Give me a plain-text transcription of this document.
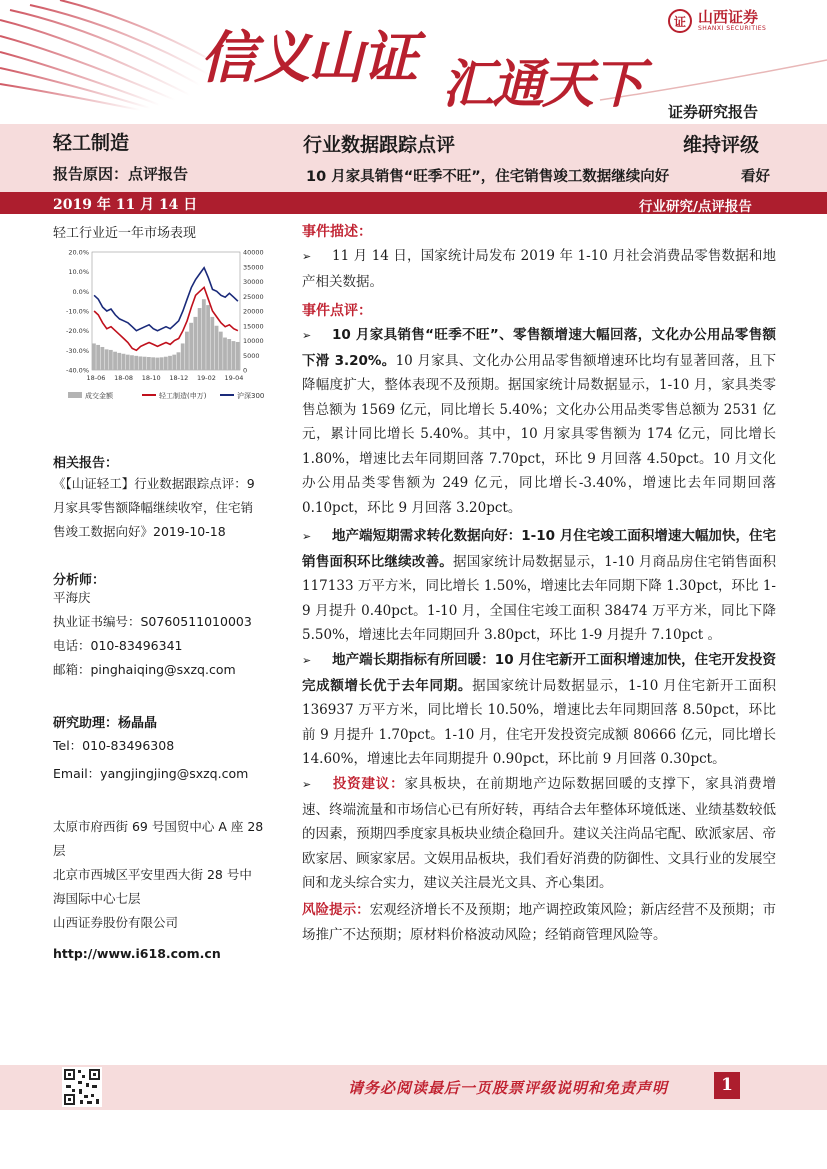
信义山证 汇通天下
证 山西证券
SHANXI SECURITIES
证券研究报告
轻工制造	行业数据跟踪点评	维持评级
报告原因：点评报告	10 月家具销售“旺季不旺”，住宅销售竣工数据继续向好	看好
2019 年 11 月 14 日	行业研究/点评报告
轻工行业近一年市场表现
20.0%
10.0%
0.0%
-10.0%
-20.0%
-30.0%
-40.0%
40000
35000
30000
25000
20000
15000
10000
5000
0
18-06 18-08 18-10 18-12 19-02 19-04
成交金额	轻工制造(申万)	沪深300
相关报告：
《【山证轻工】行业数据跟踪点评：9
月家具零售额降幅继续收窄，住宅销
售竣工数据向好》2019-10-18
分析师：
平海庆
执业证书编号：S0760511010003
电话：010-83496341
邮箱：pinghaiqing@sxzq.com
研究助理：杨晶晶
Tel：010-83496308
Email：yangjingjing@sxzq.com
太原市府西街 69 号国贸中心 A 座 28
层
北京市西城区平安里西大街 28 号中
海国际中心七层
山西证券股份有限公司
http://www.i618.com.cn
事件描述：
➢ 11 月 14 日，国家统计局发布 2019 年 1-10 月社会消费品零售数据和地产相关数据。
事件点评：
➢ 10 月家具销售“旺季不旺”、零售额增速大幅回落，文化办公用品零售额下滑 3.20%。10 月家具、文化办公用品零售额增速环比均有显著回落，且下降幅度扩大，整体表现不及预期。据国家统计局数据显示，1-10 月，家具类零售总额为 1569 亿元，同比增长 5.40%；文化办公用品类零售总额为 2531 亿元，累计同比增长 5.40%。其中，10 月家具零售额为 174 亿元，同比增长 1.80%，增速比去年同期回落 7.70pct，环比 9 月回落 4.50pct。10 月文化办公用品类零售额为 249 亿元，同比增长-3.40%，增速比去年同期回落 0.10pct，环比 9 月回落 3.20pct。
➢ 地产端短期需求转化数据向好：1-10 月住宅竣工面积增速大幅加快，住宅销售面积环比继续改善。据国家统计局数据显示，1-10 月商品房住宅销售面积 117133 万平方米，同比增长 1.50%，增速比去年同期下降 1.30pct，环比 1-9 月提升 0.40pct。1-10 月，全国住宅竣工面积 38474 万平方米，同比下降 5.50%，增速比去年同期回升 3.80pct，环比 1-9 月提升 7.10pct 。
➢ 地产端长期指标有所回暖：10 月住宅新开工面积增速加快，住宅开发投资完成额增长优于去年同期。据国家统计局数据显示，1-10 月住宅新开工面积 136937 万平方米，同比增长 10.50%，增速比去年同期回落 8.50pct，环比前 9 月提升 1.70pct。1-10 月，住宅开发投资完成额 80666 亿元，同比增长 14.60%，增速比去年同期提升 0.90pct，环比前 9 月回落 0.30pct。
➢ 投资建议：家具板块，在前期地产边际数据回暖的支撑下，家具消费增速、终端流量和市场信心已有所好转，再结合去年整体环境低迷、业绩基数较低的因素，预期四季度家具板块业绩企稳回升。建议关注尚品宅配、欧派家居、帝欧家居、顾家家居。文娱用品板块，我们看好消费的防御性、文具行业的发展空间和龙头综合实力，建议关注晨光文具、齐心集团。
风险提示：宏观经济增长不及预期；地产调控政策风险；新店经营不及预期；市场推广不达预期；原材料价格波动风险；经销商管理风险等。
请务必阅读最后一页股票评级说明和免责声明	1
